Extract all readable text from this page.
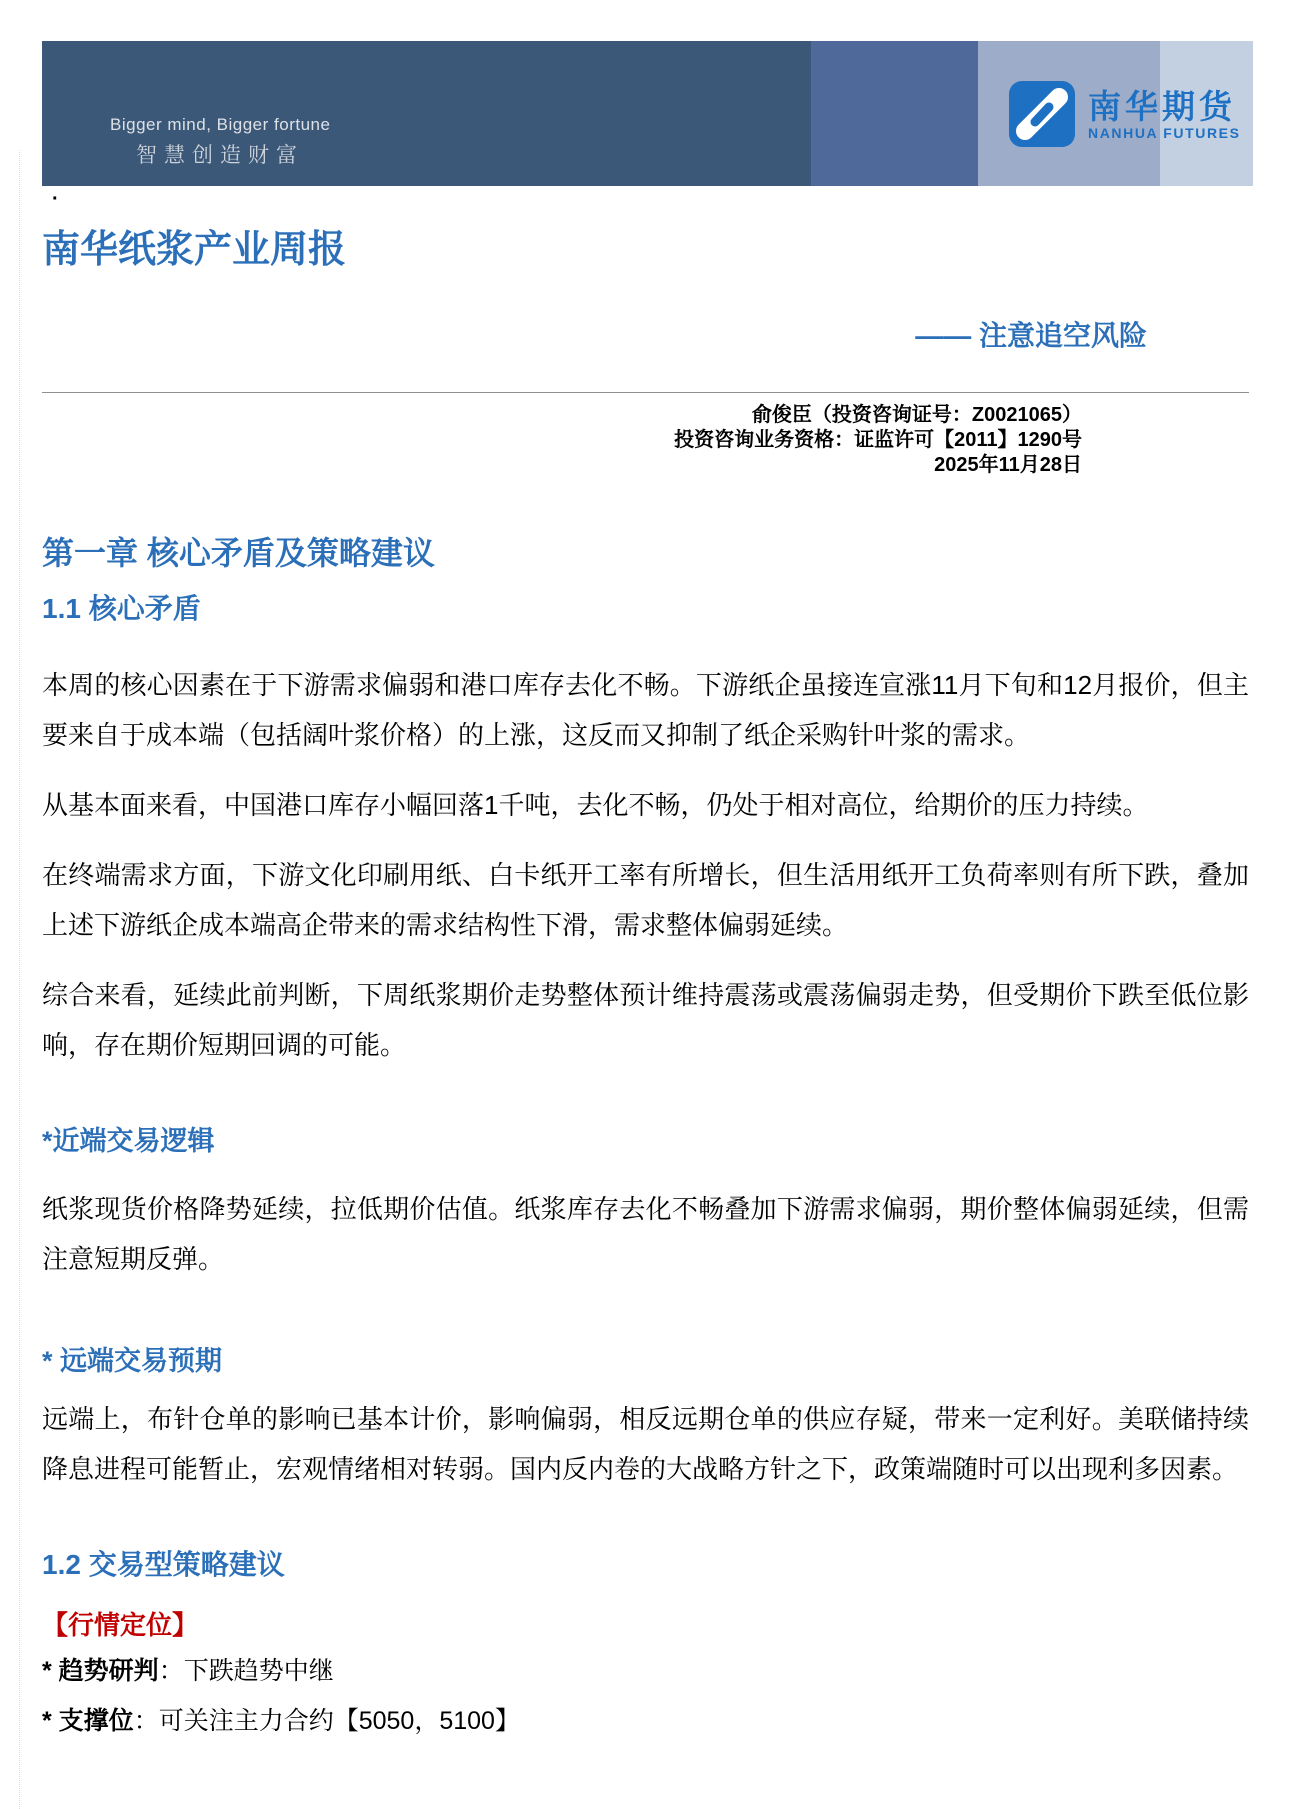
Bigger mind, Bigger fortune
智慧创造财富
南华期货
NANHUA FUTURES
·
南华纸浆产业周报
—— 注意追空风险
俞俊臣（投资咨询证号：Z0021065）
投资咨询业务资格：证监许可【2011】1290号
2025年11月28日
第一章 核心矛盾及策略建议
1.1 核心矛盾

本周的核心因素在于下游需求偏弱和港口库存去化不畅。下游纸企虽接连宣涨11月下旬和12月报价，但主要来自于成本端（包括阔叶浆价格）的上涨，这反而又抑制了纸企采购针叶浆的需求。

从基本面来看，中国港口库存小幅回落1千吨，去化不畅，仍处于相对高位，给期价的压力持续。

在终端需求方面，下游文化印刷用纸、白卡纸开工率有所增长，但生活用纸开工负荷率则有所下跌，叠加上述下游纸企成本端高企带来的需求结构性下滑，需求整体偏弱延续。

综合来看，延续此前判断，下周纸浆期价走势整体预计维持震荡或震荡偏弱走势，但受期价下跌至低位影响，存在期价短期回调的可能。

*近端交易逻辑

纸浆现货价格降势延续，拉低期价估值。纸浆库存去化不畅叠加下游需求偏弱，期价整体偏弱延续，但需注意短期反弹。

* 远端交易预期

远端上，布针仓单的影响已基本计价，影响偏弱，相反远期仓单的供应存疑，带来一定利好。美联储持续降息进程可能暂止，宏观情绪相对转弱。国内反内卷的大战略方针之下，政策端随时可以出现利多因素。

1.2 交易型策略建议
【行情定位】
* 趋势研判：下跌趋势中继
* 支撑位：可关注主力合约【5050，5100】
